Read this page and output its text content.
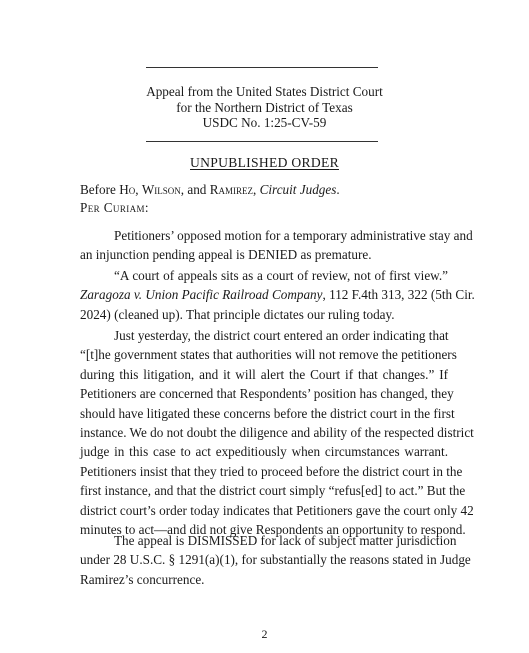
Appeal from the United States District Court
for the Northern District of Texas
USDC No. 1:25-CV-59
UNPUBLISHED ORDER
Before Ho, Wilson, and Ramirez, Circuit Judges.
Per Curiam:
Petitioners’ opposed motion for a temporary administrative stay and
an injunction pending appeal is DENIED as premature.
“A court of appeals sits as a court of review, not of first view.”
Zaragoza v. Union Pacific Railroad Company, 112 F.4th 313, 322 (5th Cir.
2024) (cleaned up). That principle dictates our ruling today.
Just yesterday, the district court entered an order indicating that
“[t]he government states that authorities will not remove the petitioners
during this litigation, and it will alert the Court if that changes.” If
Petitioners are concerned that Respondents’ position has changed, they
should have litigated these concerns before the district court in the first
instance. We do not doubt the diligence and ability of the respected district
judge in this case to act expeditiously when circumstances warrant.
Petitioners insist that they tried to proceed before the district court in the
first instance, and that the district court simply “refus[ed] to act.” But the
district court’s order today indicates that Petitioners gave the court only 42
minutes to act—and did not give Respondents an opportunity to respond.
The appeal is DISMISSED for lack of subject matter jurisdiction
under 28 U.S.C. § 1291(a)(1), for substantially the reasons stated in Judge
Ramirez’s concurrence.
2
